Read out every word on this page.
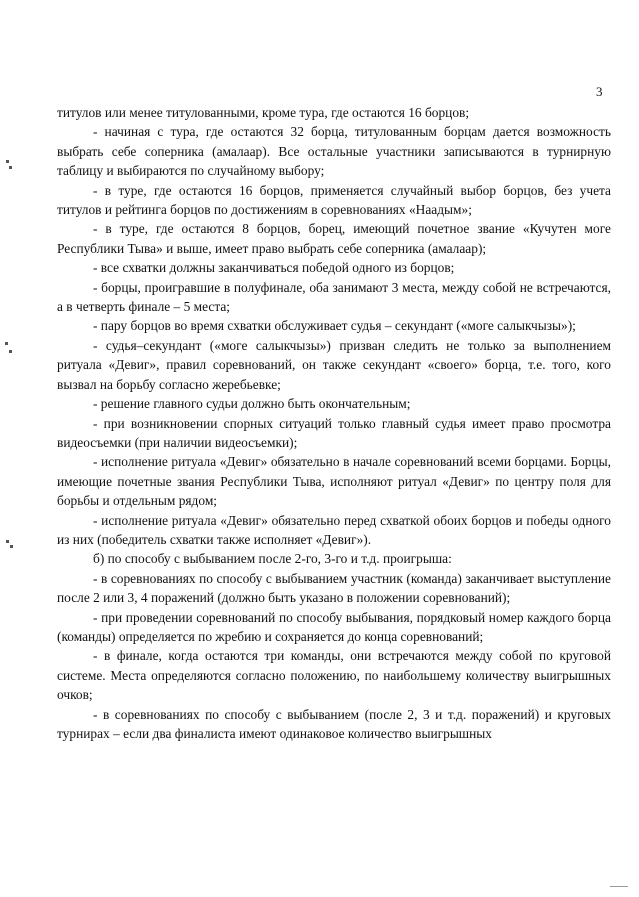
3

титулов или менее титулованными, кроме тура, где остаются 16 борцов;

- начиная с тура, где остаются 32 борца, титулованным борцам дается возможность выбрать себе соперника (амалаар). Все остальные участники записываются в турнирную таблицу и выбираются по случайному выбору;

- в туре, где остаются 16 борцов, применяется случайный выбор борцов, без учета титулов и рейтинга борцов по достижениям в соревнованиях «Наадым»;

- в туре, где остаются 8 борцов, борец, имеющий почетное звание «Кучутен моге Республики Тыва» и выше, имеет право выбрать себе соперника (амалаар);

- все схватки должны заканчиваться победой одного из борцов;

- борцы, проигравшие в полуфинале, оба занимают 3 места, между собой не встречаются, а в четверть финале – 5 места;

- пару борцов во время схватки обслуживает судья – секундант («моге салыкчызы»);

- судья–секундант («моге салыкчызы») призван следить не только за выполнением ритуала «Девиг», правил соревнований, он также секундант «своего» борца, т.е. того, кого вызвал на борьбу согласно жеребьевке;

- решение главного судьи должно быть окончательным;

- при возникновении спорных ситуаций только главный судья имеет право просмотра видеосъемки (при наличии видеосъемки);

- исполнение ритуала «Девиг» обязательно в начале соревнований всеми борцами. Борцы, имеющие почетные звания Республики Тыва, исполняют ритуал «Девиг» по центру поля для борьбы и отдельным рядом;

- исполнение ритуала «Девиг» обязательно перед схваткой обоих борцов и победы одного из них (победитель схватки также исполняет «Девиг»).

б) по способу с выбыванием после 2-го, 3-го и т.д. проигрыша:

- в соревнованиях по способу с выбыванием участник (команда) заканчивает выступление после 2 или 3, 4 поражений (должно быть указано в положении соревнований);

- при проведении соревнований по способу выбывания, порядковый номер каждого борца (команды) определяется по жребию и сохраняется до конца соревнований;

- в финале, когда остаются три команды, они встречаются между собой по круговой системе. Места определяются согласно положению, по наибольшему количеству выигрышных очков;

- в соревнованиях по способу с выбыванием (после 2, 3 и т.д. поражений) и круговых турнирах – если два финалиста имеют одинаковое количество выигрышных
